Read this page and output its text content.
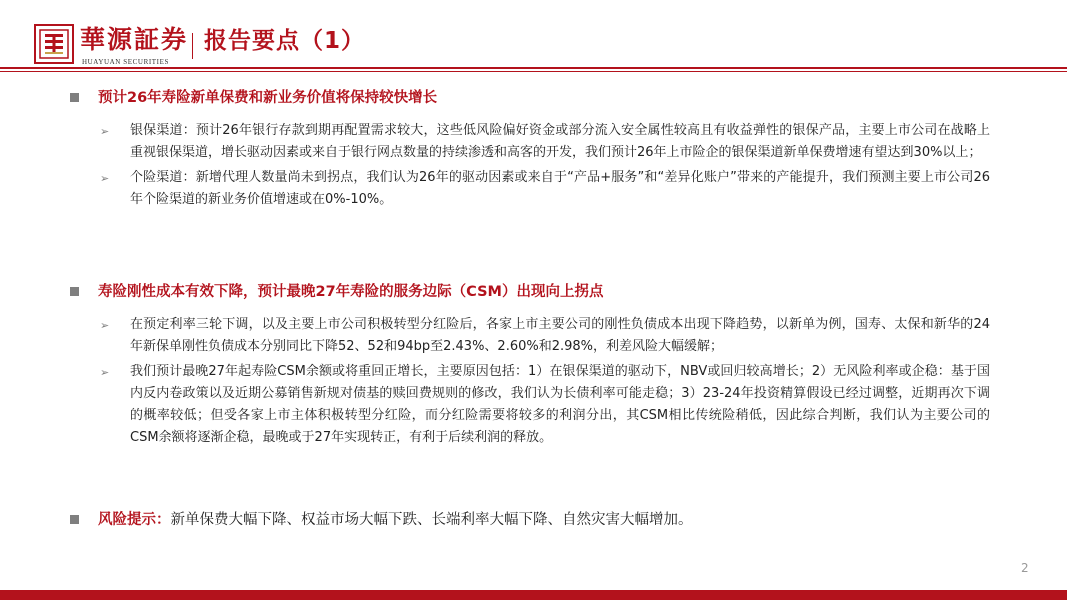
華源証券
HUAYUAN SECURITIES
报告要点（1）
预计26年寿险新单保费和新业务价值将保持较快增长
➢ 银保渠道：预计26年银行存款到期再配置需求较大，这些低风险偏好资金或部分流入安全属性较高且有收益弹性的银保产品，主要上市公司在战略上重视银保渠道，增长驱动因素或来自于银行网点数量的持续渗透和高客的开发，我们预计26年上市险企的银保渠道新单保费增速有望达到30%以上；
➢ 个险渠道：新增代理人数量尚未到拐点，我们认为26年的驱动因素或来自于“产品+服务”和“差异化账户”带来的产能提升，我们预测主要上市公司26年个险渠道的新业务价值增速或在0%-10%。
寿险刚性成本有效下降，预计最晚27年寿险的服务边际（CSM）出现向上拐点
➢ 在预定利率三轮下调，以及主要上市公司积极转型分红险后，各家上市主要公司的刚性负债成本出现下降趋势，以新单为例，国寿、太保和新华的24年新保单刚性负债成本分别同比下降52、52和94bp至2.43%、2.60%和2.98%，利差风险大幅缓解；
➢ 我们预计最晚27年起寿险CSM余额或将重回正增长，主要原因包括：1）在银保渠道的驱动下，NBV或回归较高增长；2）无风险利率或企稳：基于国内反内卷政策以及近期公募销售新规对债基的赎回费规则的修改，我们认为长债利率可能走稳；3）23-24年投资精算假设已经过调整，近期再次下调的概率较低；但受各家上市主体积极转型分红险，而分红险需要将较多的利润分出，其CSM相比传统险稍低，因此综合判断，我们认为主要公司的CSM余额将逐渐企稳，最晚或于27年实现转正，有利于后续利润的释放。
风险提示：新单保费大幅下降、权益市场大幅下跌、长端利率大幅下降、自然灾害大幅增加。
2
